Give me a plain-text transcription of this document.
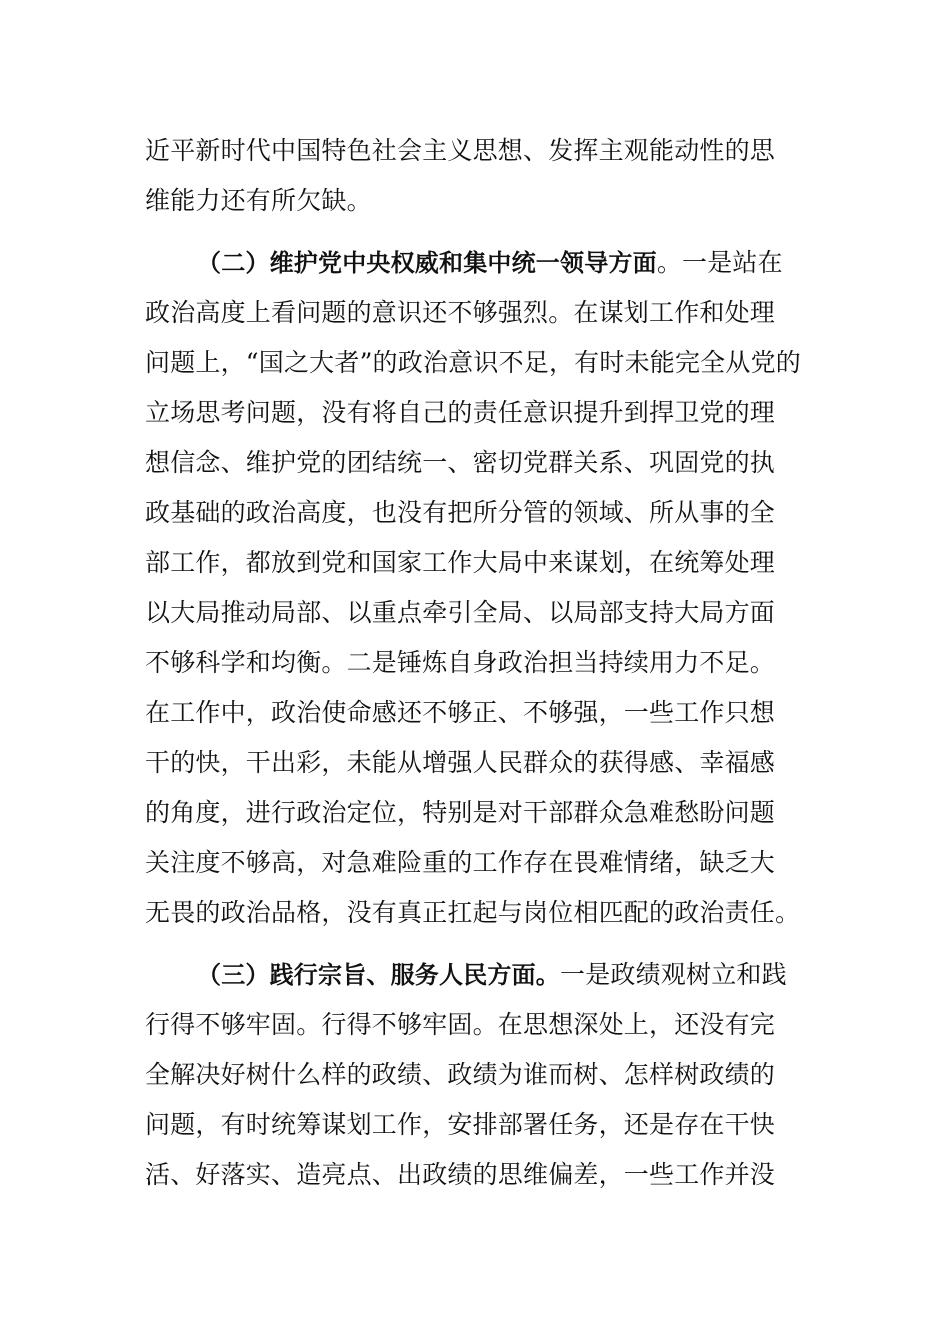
近平新时代中国特色社会主义思想、发挥主观能动性的思
维能力还有所欠缺。
（二）维护党中央权威和集中统一领导方面。一是站在
政治高度上看问题的意识还不够强烈。在谋划工作和处理
问题上，“国之大者”的政治意识不足，有时未能完全从党的
立场思考问题，没有将自己的责任意识提升到捍卫党的理
想信念、维护党的团结统一、密切党群关系、巩固党的执
政基础的政治高度，也没有把所分管的领域、所从事的全
部工作，都放到党和国家工作大局中来谋划，在统筹处理
以大局推动局部、以重点牵引全局、以局部支持大局方面
不够科学和均衡。二是锤炼自身政治担当持续用力不足。
在工作中，政治使命感还不够正、不够强，一些工作只想
干的快，干出彩，未能从增强人民群众的获得感、幸福感
的角度，进行政治定位，特别是对干部群众急难愁盼问题
关注度不够高，对急难险重的工作存在畏难情绪，缺乏大
无畏的政治品格，没有真正扛起与岗位相匹配的政治责任。
（三）践行宗旨、服务人民方面。一是政绩观树立和践
行得不够牢固。行得不够牢固。在思想深处上，还没有完
全解决好树什么样的政绩、政绩为谁而树、怎样树政绩的
问题，有时统筹谋划工作，安排部署任务，还是存在干快
活、好落实、造亮点、出政绩的思维偏差，一些工作并没
